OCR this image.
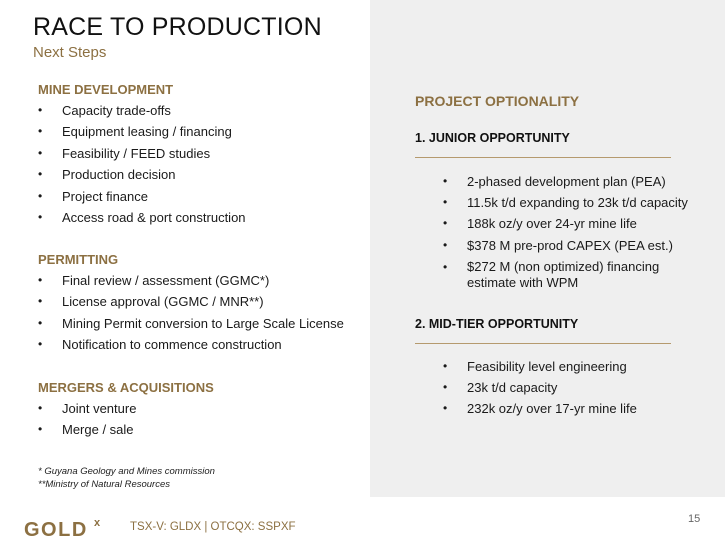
RACE TO PRODUCTION
Next Steps
MINE DEVELOPMENT
• Capacity trade-offs
• Equipment leasing / financing
• Feasibility / FEED studies
• Production decision
• Project finance
• Access road & port construction
PERMITTING
• Final review / assessment (GGMC*)
• License approval (GGMC / MNR**)
• Mining Permit conversion to Large Scale License
• Notification to commence construction
MERGERS & ACQUISITIONS
• Joint venture
• Merge / sale
* Guyana Geology and Mines commission
**Ministry of Natural Resources
PROJECT OPTIONALITY
1. JUNIOR OPPORTUNITY
• 2-phased development plan (PEA)
• 11.5k t/d expanding to 23k t/d capacity
• 188k oz/y over 24-yr mine life
• $378 M pre-prod CAPEX (PEA est.)
• $272 M (non optimized) financing estimate with WPM
2. MID-TIER OPPORTUNITY
• Feasibility level engineering
• 23k t/d capacity
• 232k oz/y over 17-yr mine life
GOLD x	TSX-V: GLDX | OTCQX: SSPXF
15
